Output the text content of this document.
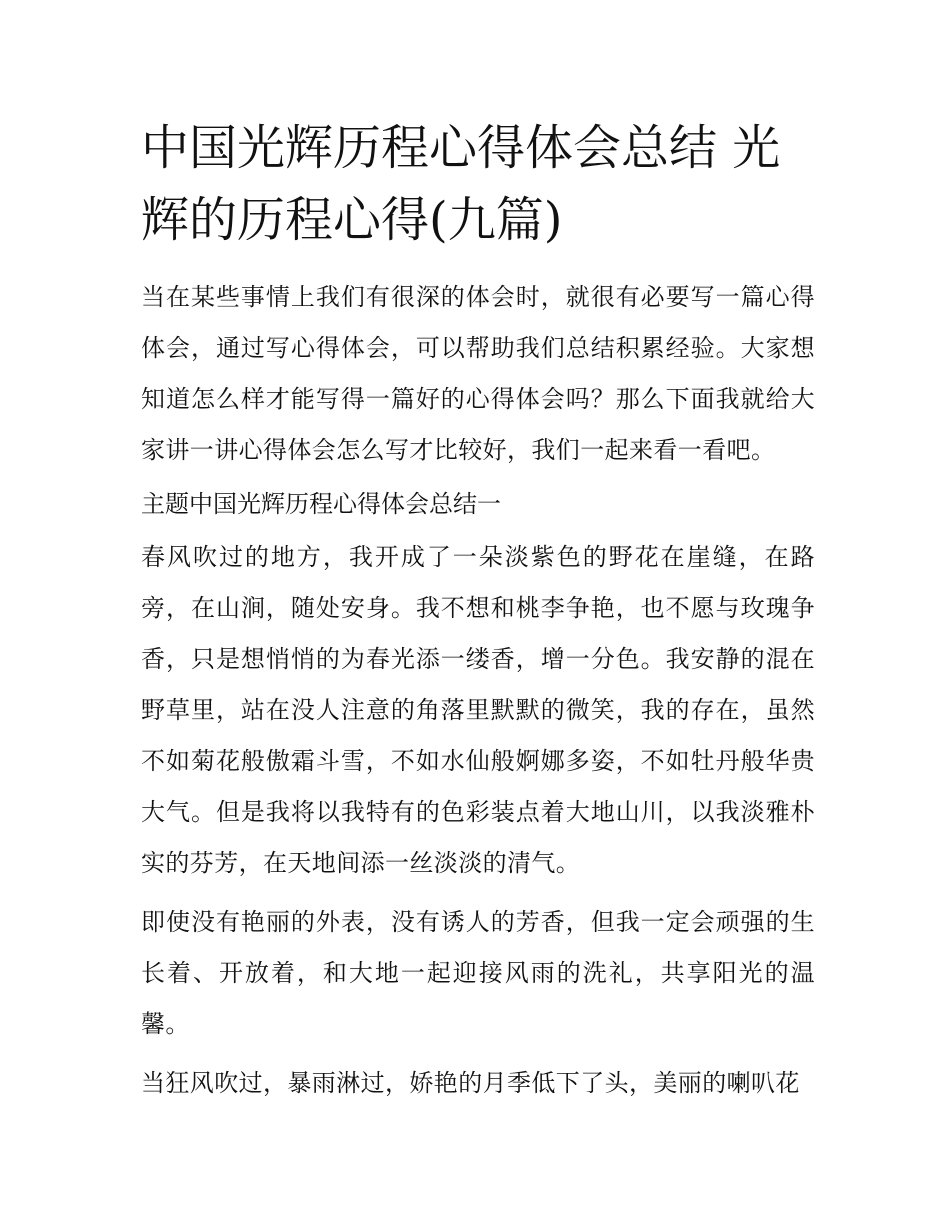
中国光辉历程心得体会总结 光辉的历程心得(九篇)

当在某些事情上我们有很深的体会时，就很有必要写一篇心得体会，通过写心得体会，可以帮助我们总结积累经验。大家想知道怎么样才能写得一篇好的心得体会吗？那么下面我就给大家讲一讲心得体会怎么写才比较好，我们一起来看一看吧。

主题中国光辉历程心得体会总结一

春风吹过的地方，我开成了一朵淡紫色的野花在崖缝，在路旁，在山涧，随处安身。我不想和桃李争艳，也不愿与玫瑰争香，只是想悄悄的为春光添一缕香，增一分色。我安静的混在野草里，站在没人注意的角落里默默的微笑，我的存在，虽然不如菊花般傲霜斗雪，不如水仙般婀娜多姿，不如牡丹般华贵大气。但是我将以我特有的色彩装点着大地山川，以我淡雅朴实的芬芳，在天地间添一丝淡淡的清气。

即使没有艳丽的外表，没有诱人的芳香，但我一定会顽强的生长着、开放着，和大地一起迎接风雨的洗礼，共享阳光的温馨。

当狂风吹过，暴雨淋过，娇艳的月季低下了头，美丽的喇叭花
